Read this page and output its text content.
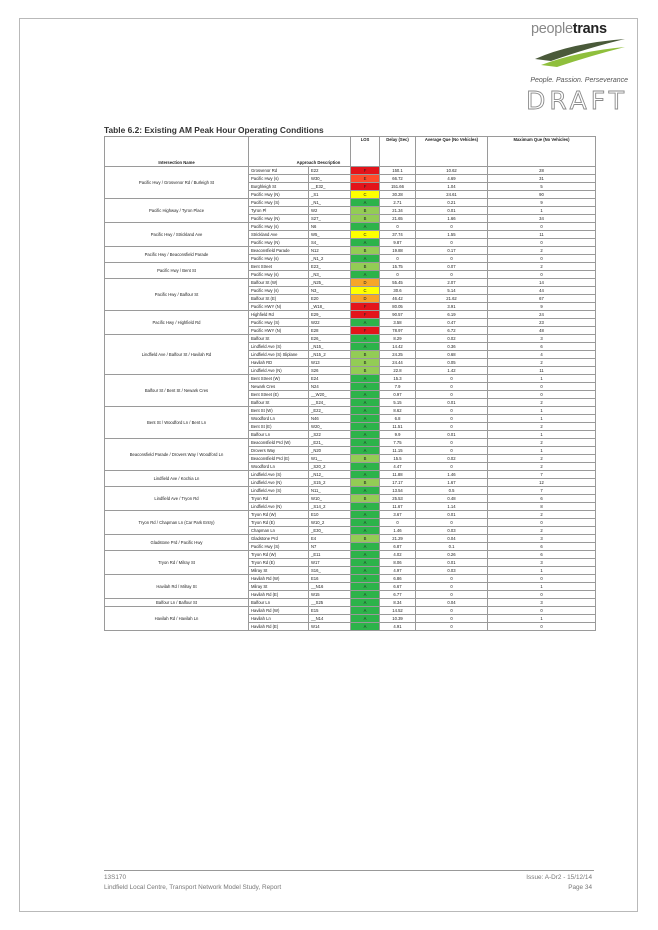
peopletrans
People. Passion. Perseverance
DRAFT
Table 6.2: Existing AM Peak Hour Operating Conditions
Intersection Name	Approach Description		LOS	Delay (Sec)	Average Que (No Vehicles)	Maximum Que (No Vehicles)
Pacific Hwy / Grosvenor Rd / Burleigh St	Grosvenor Rd	E22	F	150.1	10.62	28
	Pacific Hwy (s)	W30_	E	66.72	4.69	31
	Burghleigh St	__E32_	F	151.66	1.04	5
	Pacific Hwy (N)	_S1	C	30.28	24.61	90
Pacific Highway / Tyron Place	Pacific Hwy (S)	_N1_	A	2.71	0.21	9
	Tyron Pl	W2	B	21.34	0.01	1
	Pacific Hwy (N)	S27_	B	21.65	1.66	34
Pacific Hwy / Strickland Ave	Pacific Hwy (s)	N6	A	0	0	0
	Strickland Ave	W5_	C	37.74	1.55	11
	Pacific Hwy (N)	S4_	A	9.87	0	0
Pacific Hwy / Beaconsfield Parade	Beaconsfield Parade	N12	B	19.88	0.17	2
	Pacific Hwy (s)	_N1_2	A	0	0	0
Pacific Hwy / Bent St	Bent Street	E23_	B	15.75	0.07	2
	Pacific Hwy (s)	_N3_	A	0	0	0
Pacific Hwy / Balfour St	Balfour St (W)	_N25_	D	55.45	2.07	14
	Pacific Hwy (s)	N3_	C	30.6	5.14	44
	Balfour St (E)	E20	D	46.42	21.62	67
	Pacific HWY (N)	_W18_	F	80.05	3.91	9
Pacific Hwy / Highfield Rd	Highfield Rd	E29_	F	90.57	6.19	24
	Pacific Hwy (S)	W22	A	3.58	0.47	23
	Pacific HWY (N)	E28	F	78.97	6.72	48
Lindfield Ave / Balfour St / Havilah Rd	Balfour St	E26_	A	8.29	0.02	3
	Lindfield Ave (S)	_N15_	A	14.42	0.36	6
	Lindfield Ave (S) Sliplane	_N15_2	B	24.25	0.68	4
	Havilah RD	W13	B	24.44	0.05	2
	Lindfield Ave (N)	S26	B	22.8	1.42	11
Balfour St / Bent St / Newark Cres	Bent Street (W)	E24	A	15.3	0	1
	Newark Cres	N24	A	7.9	0	0
	Bent Street (E)	__W20_	A	0.97	0	0
	Balfour St	__S24_	A	5.15	0.01	2
Bent St / Woodford Ln / Bent Ln	Bent St (W)	_E22_	A	8.62	0	1
	Woodford Ln	N46	A	6.8	0	1
	Bent St (E)	W20_	A	11.51	0	2
	Balfour Ln	_S22	A	9.9	0.01	1
Beaconsfield Parade / Drovers Way / Woodford Ln	Beaconsfield Prd (W)	_E21_	A	7.75	0	2
	Drovers Way	_N20	A	11.15	0	1
	Beaconsfield Prd (E)	W1__	B	15.5	0.02	2
	Woodford Ln	_S20_2	A	4.47	0	2
Lindfield Ave / Kochia Ln	Lindfield Ave (S)	_N12_	A	11.88	1.46	7
	Lindfield Ave (N)	_S15_2	B	17.17	1.67	12
Lindfield Ave / Tryon Rd	Lindfield Ave (S)	N11_	A	13.54	0.5	7
	Tryon Rd	W10_	B	25.53	0.48	6
	Lindfield Ave (N)	_S14_2	A	11.67	1.14	8
Tryon Rd / Chapman Ln (Car Park Entry)	Tryon Rd (W)	E10	A	3.67	0.01	2
	Tryon Rd (E)	W10_2	A	0	0	0
	Chapman Ln	_E30_	A	1.46	0.03	2
Gladstone Prd / Pacific Hwy	Gladstone Prd	E4	B	21.29	0.04	3
	Pacific Hwy (S)	N7	A	6.87	0.1	6
Tryon Rd / Milray St	Tryon Rd (W)	_E11	A	4.02	0.26	6
	Tryon Rd (E)	W17	A	8.06	0.01	3
	Milray St	S16_	A	4.97	0.03	1
Havilah Rd / Milray St	Havilah Rd (W)	E16	A	6.86	0	0
	Milray St	__N16	A	6.67	0	1
	Havilah Rd (E)	W15	A	6.77	0	0
Balfour Ln / Balfour St	Balfour Ln	__S25	A	8.34	0.04	3
Havilah Rd / Havilah Ln	Havilah Rd (W)	E15	A	14.52	0	0
	Havilah Ln	__N14	A	10.39	0	1
	Havilah Rd (E)	W14	A	4.91	0	0
13S170
Lindfield Local Centre, Transport Network Model Study, Report
Issue: A-Dr2 - 15/12/14
Page 34
